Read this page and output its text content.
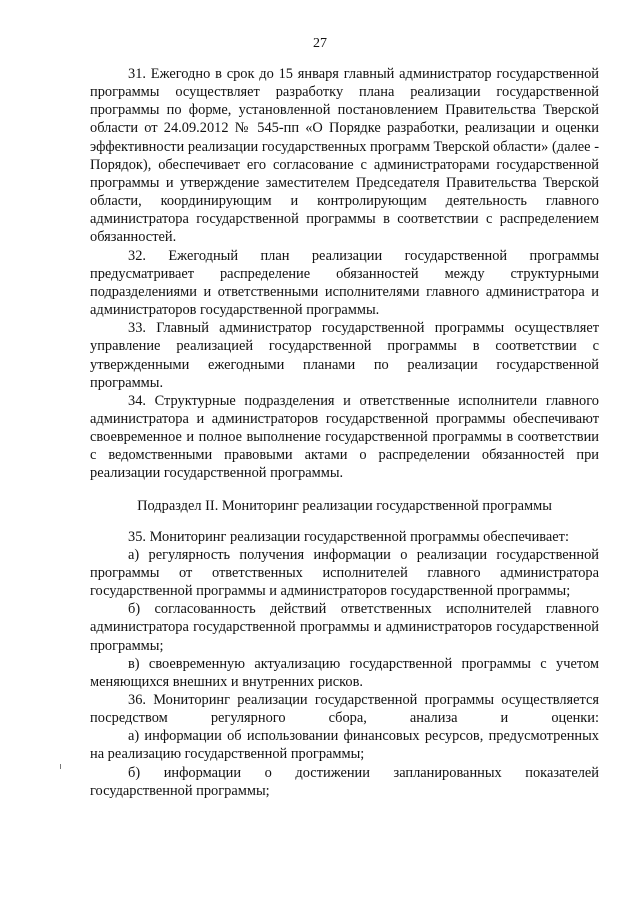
27

31. Ежегодно в срок до 15 января главный администратор государственной программы осуществляет разработку плана реализации государственной программы по форме, установленной постановлением Правительства Тверской области от 24.09.2012 № 545-пп «О Порядке разработки, реализации и оценки эффективности реализации государственных программ Тверской области» (далее - Порядок), обеспечивает его согласование с администраторами государственной программы и утверждение заместителем Председателя Правительства Тверской области, координирующим и контролирующим деятельность главного администратора государственной программы в соответствии с распределением обязанностей.

32. Ежегодный план реализации государственной программы предусматривает распределение обязанностей между структурными подразделениями и ответственными исполнителями главного администратора и администраторов государственной программы.

33. Главный администратор государственной программы осуществляет управление реализацией государственной программы в соответствии с утвержденными ежегодными планами по реализации государственной программы.

34. Структурные подразделения и ответственные исполнители главного администратора и администраторов государственной программы обеспечивают своевременное и полное выполнение государственной программы в соответствии с ведомственными правовыми актами о распределении обязанностей при реализации государственной программы.

Подраздел II. Мониторинг реализации государственной программы

35. Мониторинг реализации государственной программы обеспечивает:

а) регулярность получения информации о реализации государственной программы от ответственных исполнителей главного администратора государственной программы и администраторов государственной программы;

б) согласованность действий ответственных исполнителей главного администратора государственной программы и администраторов государственной программы;

в) своевременную актуализацию государственной программы с учетом меняющихся внешних и внутренних рисков.

36. Мониторинг реализации государственной программы осуществляется посредством регулярного сбора, анализа и оценки:

а) информации об использовании финансовых ресурсов, предусмотренных на реализацию государственной программы;

б) информации о достижении запланированных показателей государственной программы;
